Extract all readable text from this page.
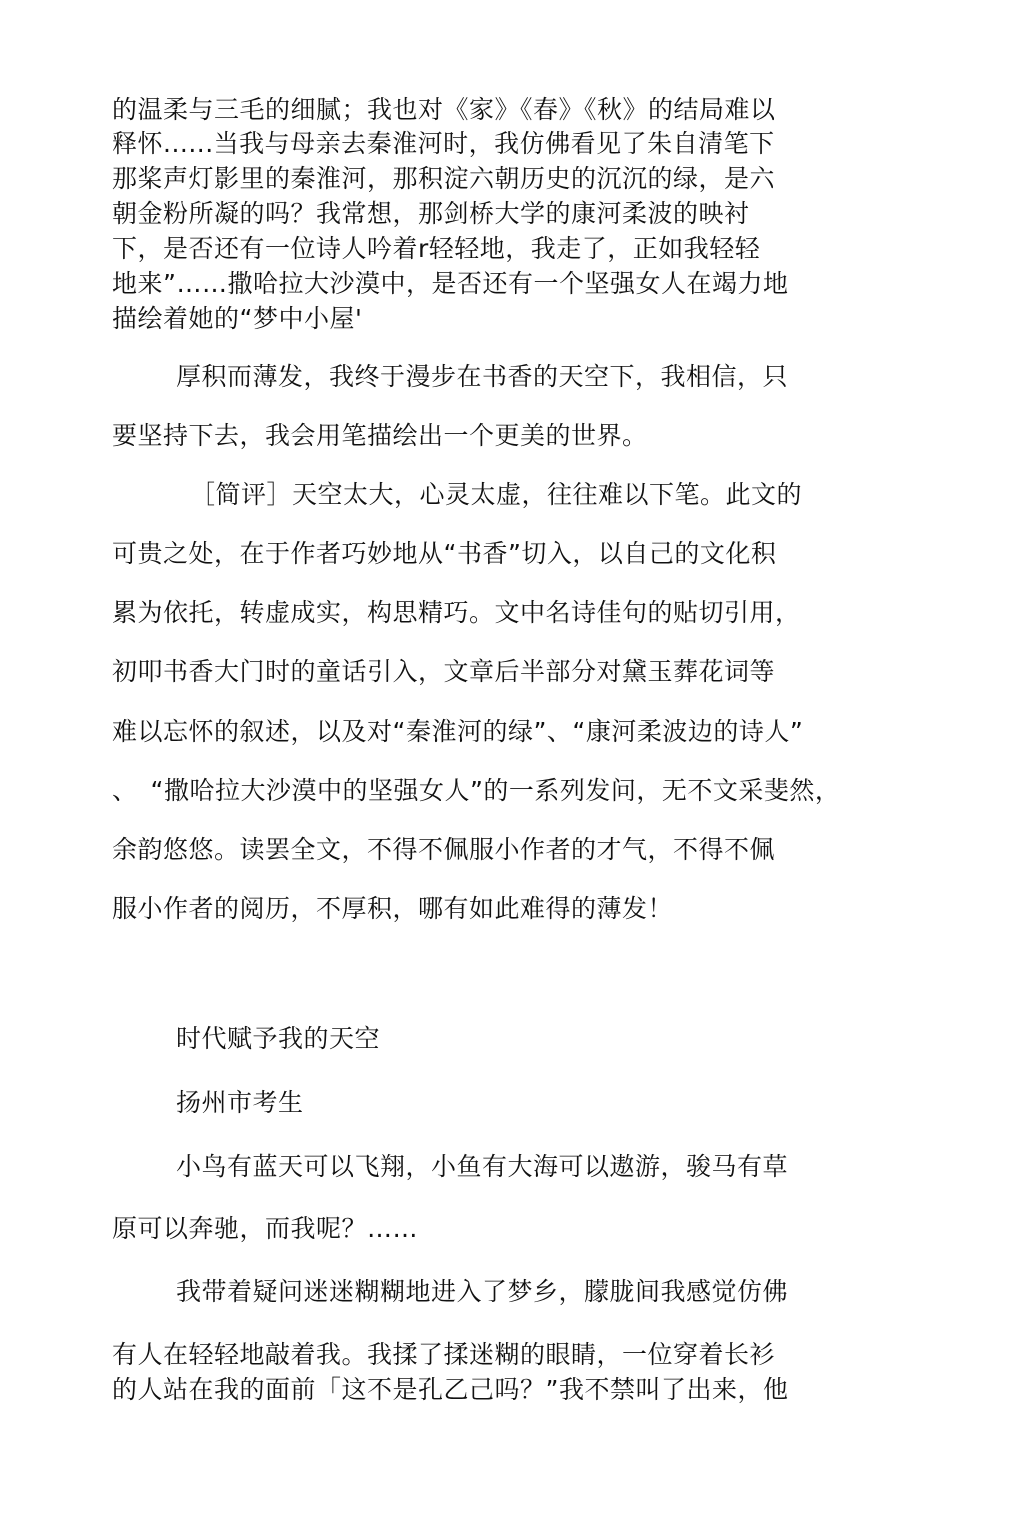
的温柔与三毛的细腻；我也对《家》《春》《秋》的结局难以
释怀......当我与母亲去秦淮河时，我仿佛看见了朱自清笔下
那桨声灯影里的秦淮河，那积淀六朝历史的沉沉的绿，是六
朝金粉所凝的吗？我常想，那剑桥大学的康河柔波的映衬
下，是否还有一位诗人吟着r轻轻地，我走了，正如我轻轻
地来”……撒哈拉大沙漠中，是否还有一个坚强女人在竭力地
描绘着她的“梦中小屋'
厚积而薄发，我终于漫步在书香的天空下，我相信，只
要坚持下去，我会用笔描绘出一个更美的世界。
［简评］天空太大，心灵太虚，往往难以下笔。此文的
可贵之处，在于作者巧妙地从“书香”切入，以自己的文化积
累为依托，转虚成实，构思精巧。文中名诗佳句的贴切引用，
初叩书香大门时的童话引入，文章后半部分对黛玉葬花词等
难以忘怀的叙述，以及对“秦淮河的绿”、“康河柔波边的诗人”
、　“撒哈拉大沙漠中的坚强女人”的一系列发问，无不文采斐然，
余韵悠悠。读罢全文，不得不佩服小作者的才气，不得不佩
服小作者的阅历，不厚积，哪有如此难得的薄发！
时代赋予我的天空
扬州市考生
小鸟有蓝天可以飞翔，小鱼有大海可以遨游，骏马有草
原可以奔驰，而我呢？……
我带着疑问迷迷糊糊地进入了梦乡，朦胧间我感觉仿佛
有人在轻轻地敲着我。我揉了揉迷糊的眼睛，一位穿着长衫
的人站在我的面前「这不是孔乙己吗？”我不禁叫了出来，他
